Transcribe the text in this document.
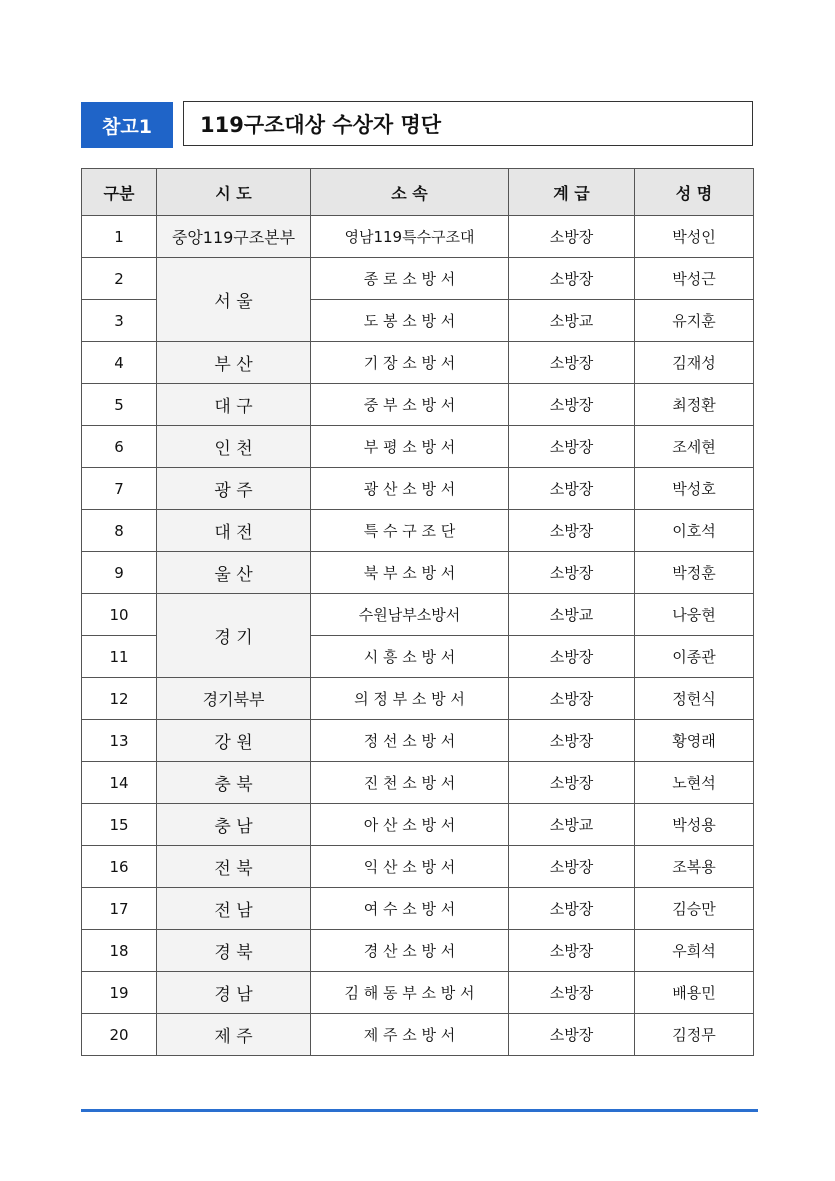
참고1	119구조대상 수상자 명단
구분	시 도	소 속	계 급	성 명
1	중앙119구조본부	영남119특수구조대	소방장	박성인
2	서 울	종 로 소 방 서	소방장	박성근
3		도 봉 소 방 서	소방교	유지훈
4	부 산	기 장 소 방 서	소방장	김재성
5	대 구	중 부 소 방 서	소방장	최정환
6	인 천	부 평 소 방 서	소방장	조세현
7	광 주	광 산 소 방 서	소방장	박성호
8	대 전	특 수 구 조 단	소방장	이호석
9	울 산	북 부 소 방 서	소방장	박정훈
10	경 기	수원남부소방서	소방교	나웅현
11		시 흥 소 방 서	소방장	이종관
12	경기북부	의 정 부 소 방 서	소방장	정헌식
13	강 원	정 선 소 방 서	소방장	황영래
14	충 북	진 천 소 방 서	소방장	노현석
15	충 남	아 산 소 방 서	소방교	박성용
16	전 북	익 산 소 방 서	소방장	조복용
17	전 남	여 수 소 방 서	소방장	김승만
18	경 북	경 산 소 방 서	소방장	우희석
19	경 남	김 해 동 부 소 방 서	소방장	배용민
20	제 주	제 주 소 방 서	소방장	김정무
